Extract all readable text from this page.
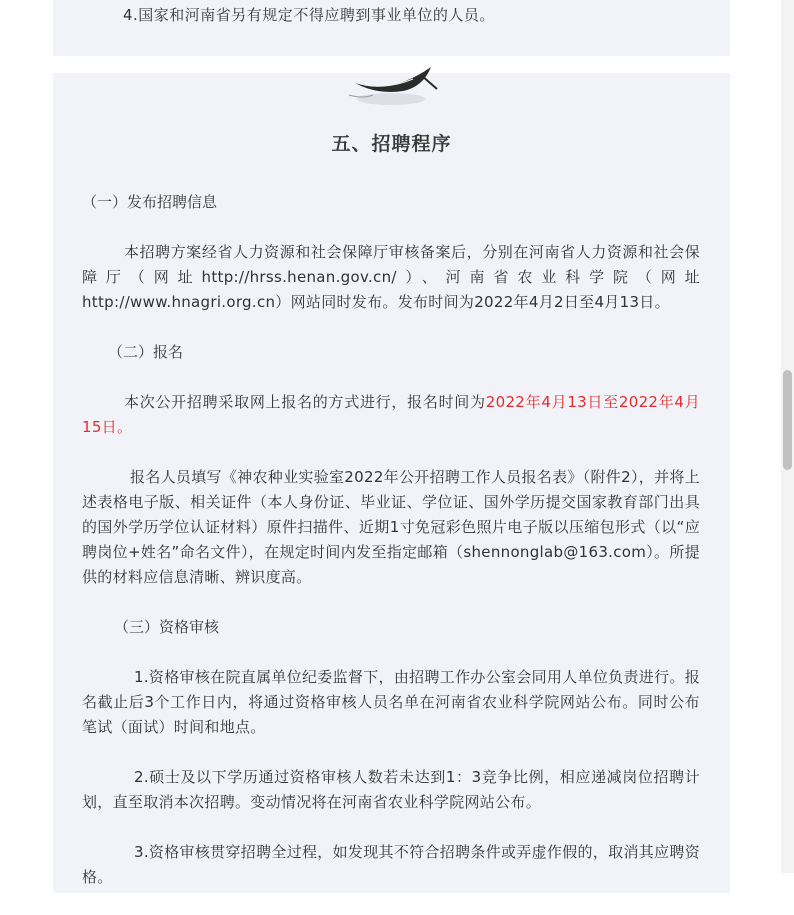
4.国家和河南省另有规定不得应聘到事业单位的人员。
五、招聘程序

（一）发布招聘信息

本招聘方案经省人力资源和社会保障厅审核备案后，分别在河南省人力资源和社会保障厅（网址http://hrss.henan.gov.cn/）、河南省农业科学院（网址http://www.hnagri.org.cn）网站同时发布。发布时间为2022年4月2日至4月13日。

（二）报名

本次公开招聘采取网上报名的方式进行，报名时间为2022年4月13日至2022年4月15日。

报名人员填写《神农种业实验室2022年公开招聘工作人员报名表》（附件2），并将上述表格电子版、相关证件（本人身份证、毕业证、学位证、国外学历提交国家教育部门出具的国外学历学位认证材料）原件扫描件、近期1寸免冠彩色照片电子版以压缩包形式（以“应聘岗位+姓名”命名文件），在规定时间内发至指定邮箱（shennonglab@163.com）。所提供的材料应信息清晰、辨识度高。

（三）资格审核

1.资格审核在院直属单位纪委监督下，由招聘工作办公室会同用人单位负责进行。报名截止后3个工作日内，将通过资格审核人员名单在河南省农业科学院网站公布。同时公布笔试（面试）时间和地点。

2.硕士及以下学历通过资格审核人数若未达到1：3竞争比例，相应递减岗位招聘计划，直至取消本次招聘。变动情况将在河南省农业科学院网站公布。

3.资格审核贯穿招聘全过程，如发现其不符合招聘条件或弄虚作假的，取消其应聘资格。
